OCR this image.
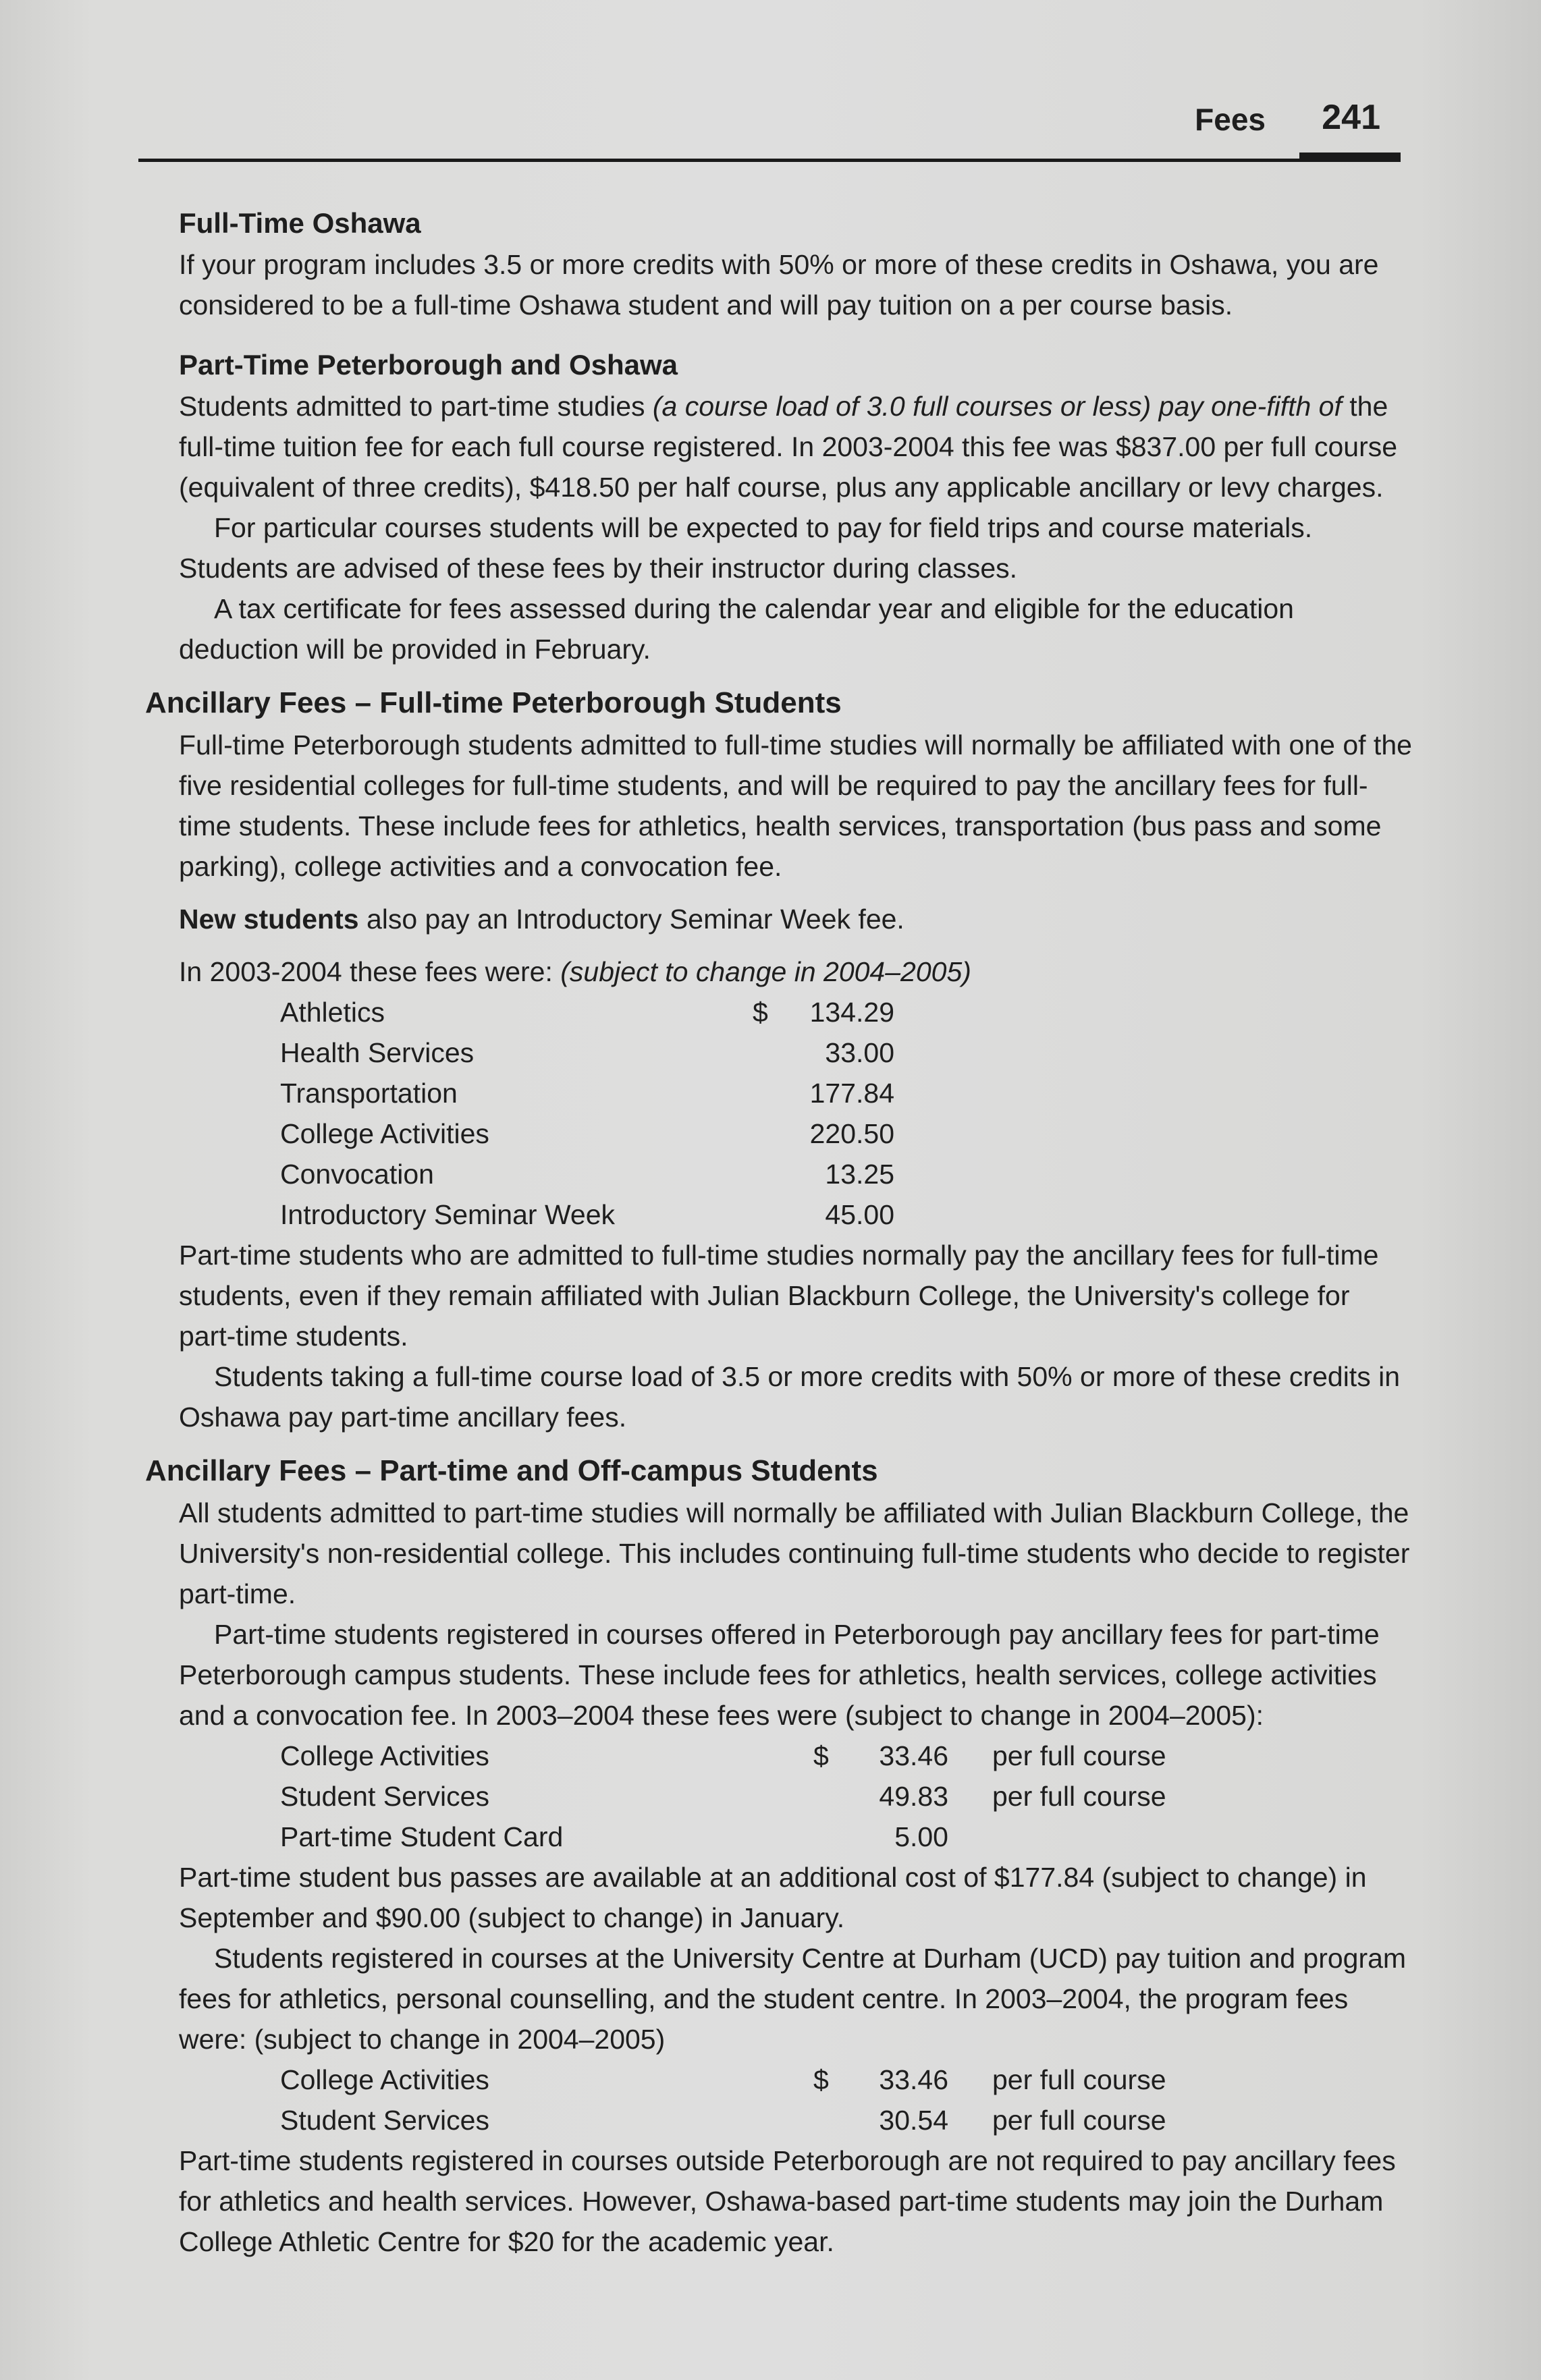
Fees 241
Full-Time Oshawa

If your program includes 3.5 or more credits with 50% or more of these credits in Oshawa, you are considered to be a full-time Oshawa student and will pay tuition on a per course basis.

Part-Time Peterborough and Oshawa

Students admitted to part-time studies (a course load of 3.0 full courses or less) pay one-fifth of the full-time tuition fee for each full course registered. In 2003-2004 this fee was $837.00 per full course (equivalent of three credits), $418.50 per half course, plus any applicable ancillary or levy charges.

For particular courses students will be expected to pay for field trips and course materials. Students are advised of these fees by their instructor during classes.

A tax certificate for fees assessed during the calendar year and eligible for the education deduction will be provided in February.

Ancillary Fees – Full-time Peterborough Students

Full-time Peterborough students admitted to full-time studies will normally be affiliated with one of the five residential colleges for full-time students, and will be required to pay the ancillary fees for full-time students. These include fees for athletics, health services, transportation (bus pass and some parking), college activities and a convocation fee.

New students also pay an Introductory Seminar Week fee.

In 2003-2004 these fees were: (subject to change in 2004–2005)

Athletics	$	134.29
Health Services		33.00
Transportation		177.84
College Activities		220.50
Convocation		13.25
Introductory Seminar Week		45.00

Part-time students who are admitted to full-time studies normally pay the ancillary fees for full-time students, even if they remain affiliated with Julian Blackburn College, the University's college for part-time students.

Students taking a full-time course load of 3.5 or more credits with 50% or more of these credits in Oshawa pay part-time ancillary fees.

Ancillary Fees – Part-time and Off-campus Students

All students admitted to part-time studies will normally be affiliated with Julian Blackburn College, the University's non-residential college. This includes continuing full-time students who decide to register part-time.

Part-time students registered in courses offered in Peterborough pay ancillary fees for part-time Peterborough campus students. These include fees for athletics, health services, college activities and a convocation fee. In 2003–2004 these fees were (subject to change in 2004–2005):

College Activities	$	33.46	per full course
Student Services		49.83	per full course
Part-time Student Card		5.00	

Part-time student bus passes are available at an additional cost of $177.84 (subject to change) in September and $90.00 (subject to change) in January.

Students registered in courses at the University Centre at Durham (UCD) pay tuition and program fees for athletics, personal counselling, and the student centre. In 2003–2004, the program fees were: (subject to change in 2004–2005)

College Activities	$	33.46	per full course
Student Services		30.54	per full course

Part-time students registered in courses outside Peterborough are not required to pay ancillary fees for athletics and health services. However, Oshawa-based part-time students may join the Durham College Athletic Centre for $20 for the academic year.
